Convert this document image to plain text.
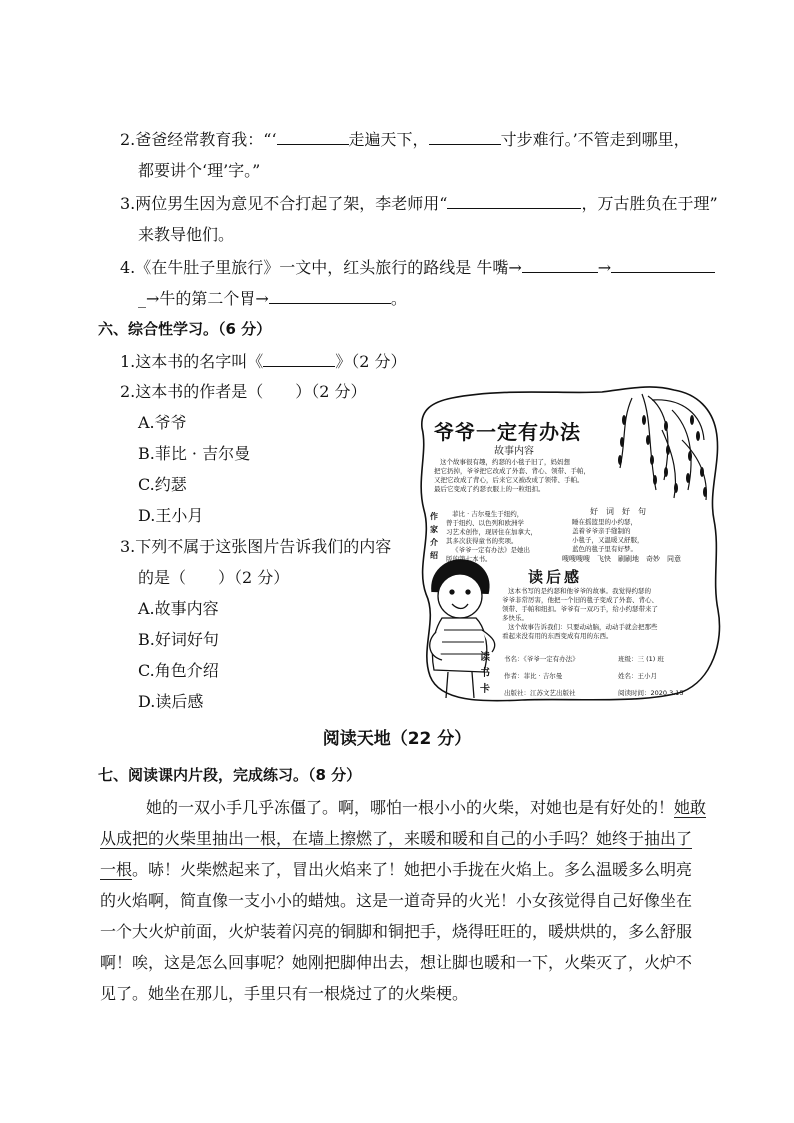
2.爸爸经常教育我：“‘	走遍天下，	寸步难行。’不管走到哪里，
都要讲个‘理’字。”
3.两位男生因为意见不合打起了架，李老师用“	，万古胜负在于理”
来教导他们。
4.《在牛肚子里旅行》一文中，红头旅行的路线是 牛嘴→	→
_→牛的第二个胃→	。
六、综合性学习。（6 分）
1.这本书的名字叫《	》（2 分）
2.这本书的作者是（　　）（2 分）
A.爷爷
B.菲比 · 吉尔曼
C.约瑟
D.王小月
3.下列不属于这张图片告诉我们的内容
的是（　　）（2 分）
A.故事内容
B.好词好句
C.角色介绍
D.读后感
爷爷一定有办法
故事内容
这个故事很有趣，约瑟的小毯子旧了，妈妈想
把它扔掉，爷爷把它改成了外套、背心、领带、手帕，
又把它改成了背心，后来它又被改成了领带、手帕。
最后它变成了约瑟衣服上的一粒纽扣。
作
家
介
绍
菲比 · 吉尔曼生于纽约，
曾于纽约、以色列和欧洲学
习艺术创作，现居住在加拿大，
其多次获得童书的奖项。
《爷爷一定有办法》是她出
版的第七本书。
好　词　好　句
睡在摇篮里的小约瑟，
盖着爷爷亲手缝制的
小毯子，又温暖又舒服，
蓝色的毯子里有好梦。
嗖嗖嗖嗖　飞快　刷刷地　奇妙　同意
读后感
这本书写的是约瑟和他爷爷的故事。我觉得约瑟的
爷爷非常厉害，他把一个旧的毯子变成了外套、背心、
领带、手帕和纽扣。爷爷有一双巧手，给小约瑟带来了
多快乐。
这个故事告诉我们：只要动动脑，动动手就会把那些
看起来没有用的东西变成有用的东西。
读
书
卡
书名：《爷爷一定有办法》	班级：三 (1) 班
作者：菲比 · 吉尔曼	姓名：王小月
出版社：江苏文艺出版社	阅读时间：2020.3.15
阅读天地（22 分）
七、阅读课内片段，完成练习。（8 分）
她的一双小手几乎冻僵了。啊，哪怕一根小小的火柴，对她也是有好处的！她敢
从成把的火柴里抽出一根，在墙上擦燃了，来暖和暖和自己的小手吗？她终于抽出了
一根。哧！火柴燃起来了，冒出火焰来了！她把小手拢在火焰上。多么温暖多么明亮
的火焰啊，简直像一支小小的蜡烛。这是一道奇异的火光！小女孩觉得自己好像坐在
一个大火炉前面，火炉装着闪亮的铜脚和铜把手，烧得旺旺的，暖烘烘的，多么舒服
啊！唉，这是怎么回事呢？她刚把脚伸出去，想让脚也暖和一下，火柴灭了，火炉不
见了。她坐在那儿，手里只有一根烧过了的火柴梗。
